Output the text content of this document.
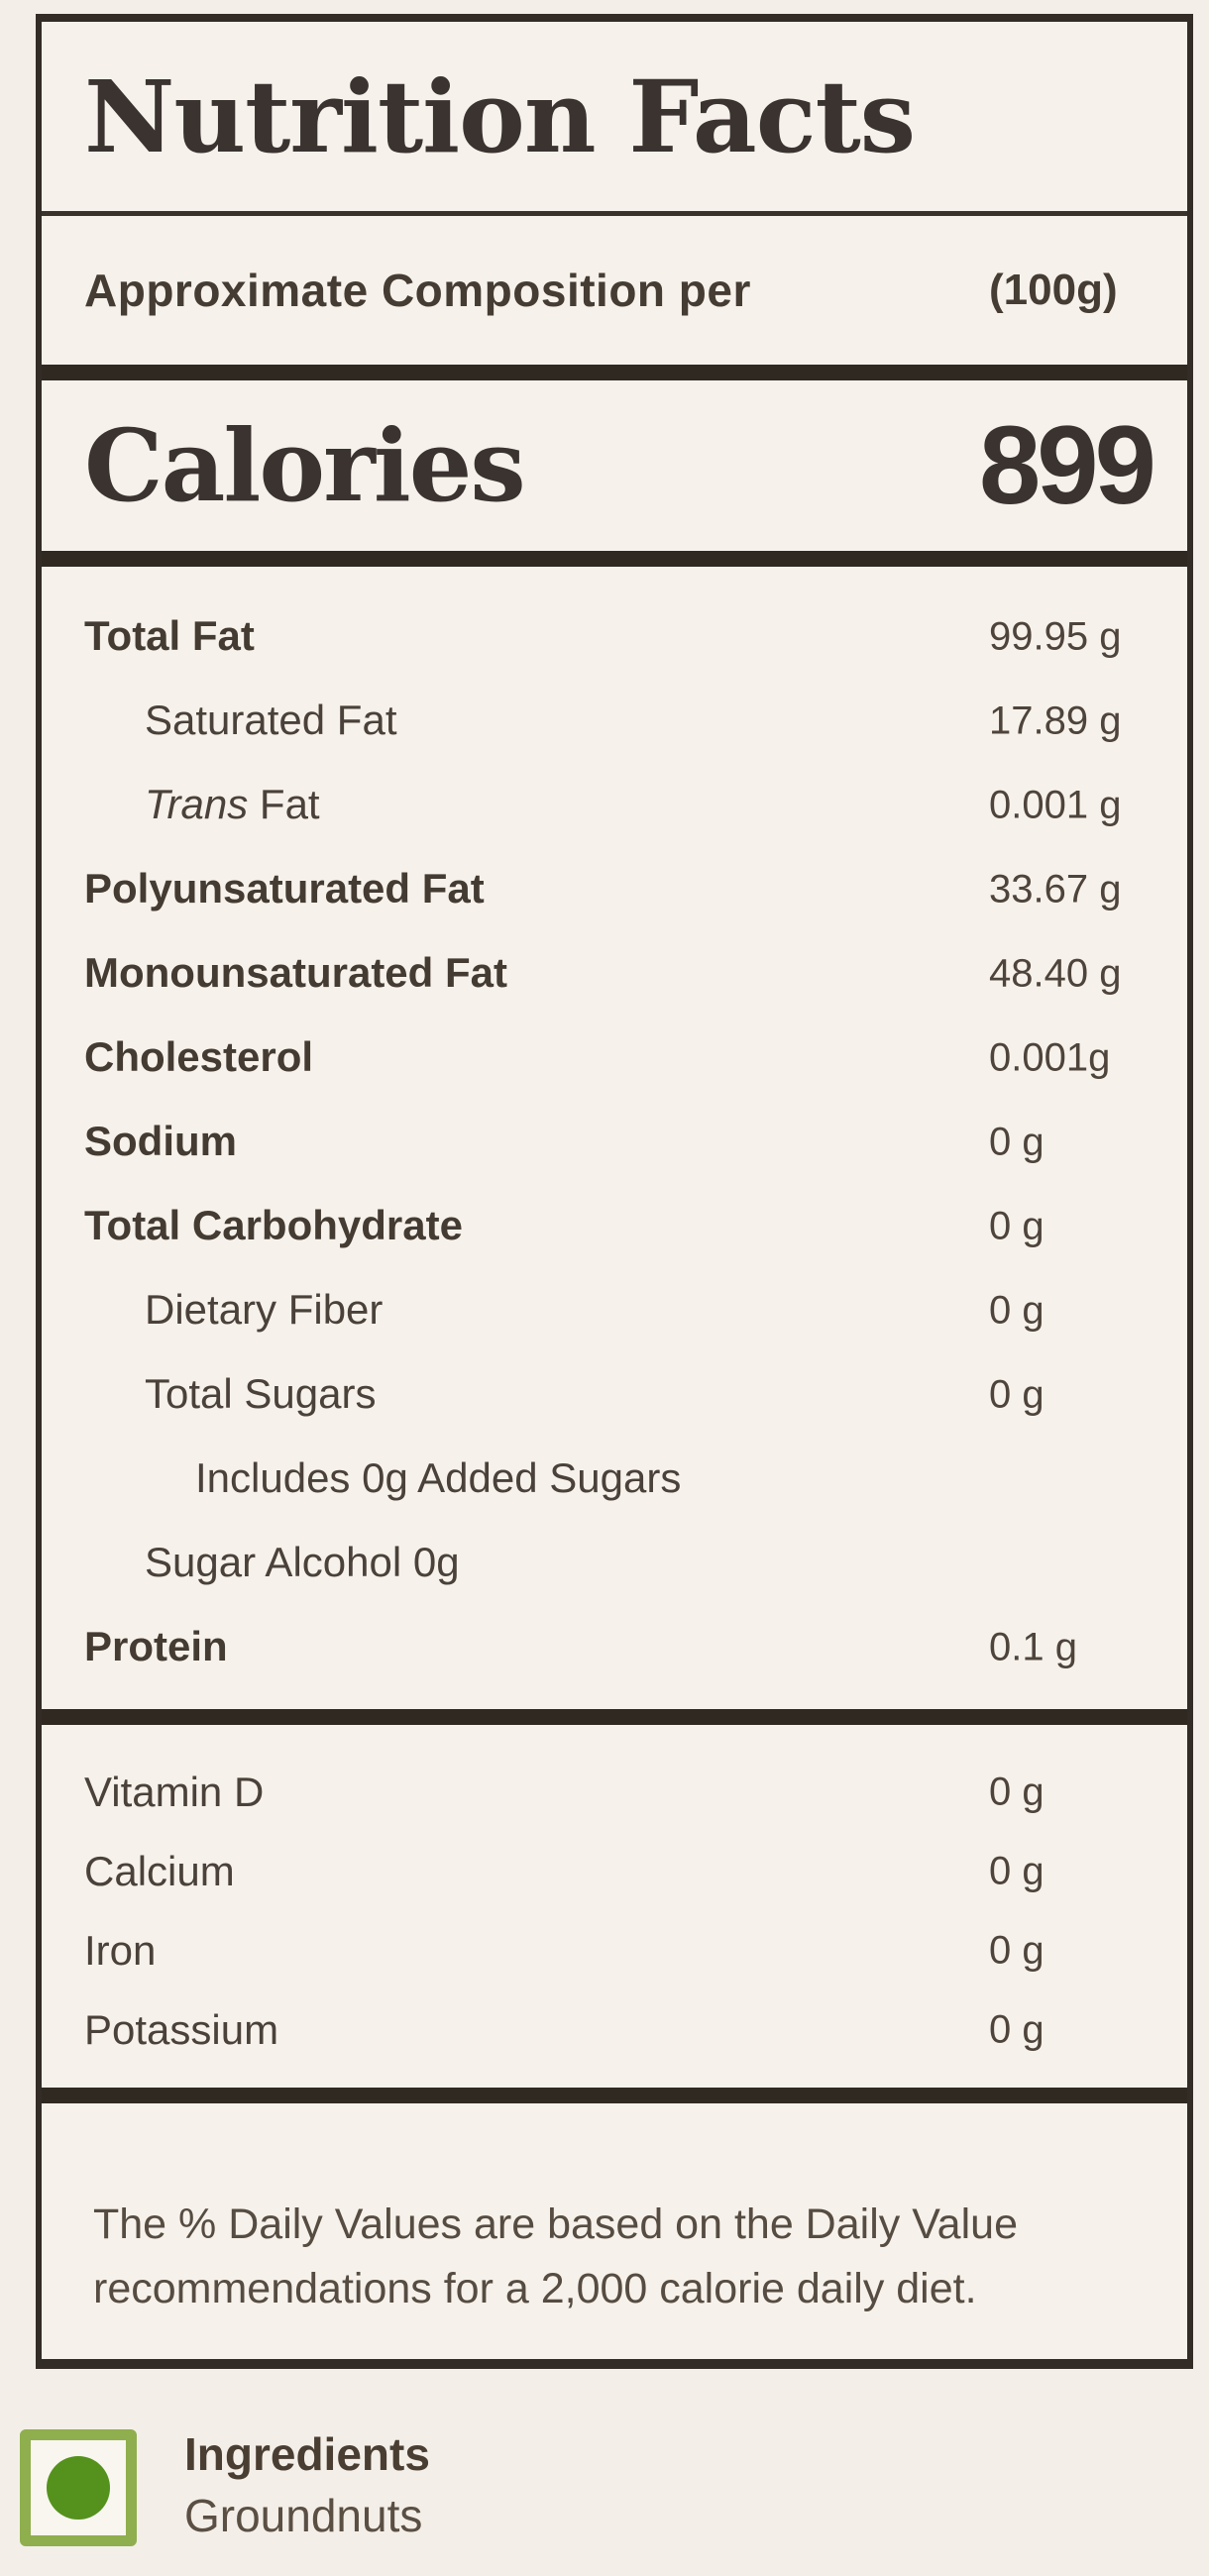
Nutrition Facts
Approximate Composition per	(100g)
Calories	899
Total Fat	99.95 g
Saturated Fat	17.89 g
Trans Fat	0.001 g
Polyunsaturated Fat	33.67 g
Monounsaturated Fat	48.40 g
Cholesterol	0.001g
Sodium	0 g
Total Carbohydrate	0 g
Dietary Fiber	0 g
Total Sugars	0 g
Includes 0g Added Sugars
Sugar Alcohol 0g
Protein	0.1 g
Vitamin D	0 g
Calcium	0 g
Iron	0 g
Potassium	0 g
The % Daily Values are based on the Daily Value recommendations for a 2,000 calorie daily diet.
Ingredients
Groundnuts
